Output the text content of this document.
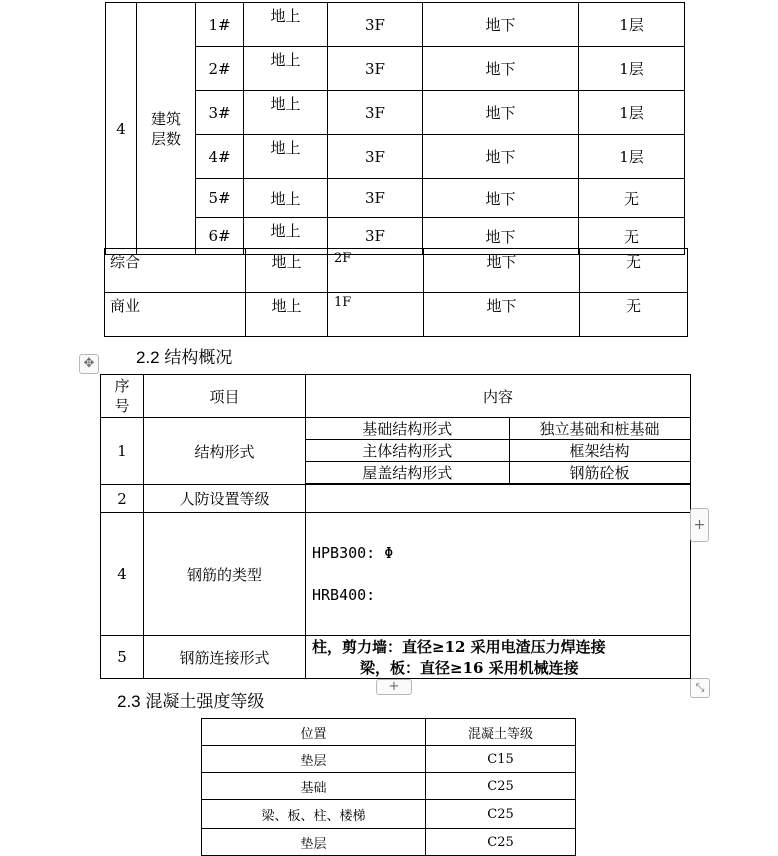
4	建筑层数	1#	地上	3F	地下	1层
		2#	地上	3F	地下	1层
		3#	地上	3F	地下	1层
		4#	地上	3F	地下	1层
		5#	地上	3F	地下	无
		6#	地上	3F	地下	无
综合	地上	2F	地下	无
商业	地上	1F	地下	无
✥ 2.2 结构概况
序号	项目	内容
1	结构形式	
基础结构形式	独立基础和桩基础
主体结构形式	框架结构
屋盖结构形式	钢筋砼板

2	人防设置等级	
4	钢筋的类型	
HPB300: Φ
HRB400:

5	钢筋连接形式	
柱，剪力墙：直径≥12 采用电渣压力焊连接
梁，板：直径≥16 采用机械连接
+
+	⤡
2.3 混凝土强度等级
位置	混凝土等级
垫层	C15
基础	C25
梁、板、柱、楼梯	C25
垫层	C25
